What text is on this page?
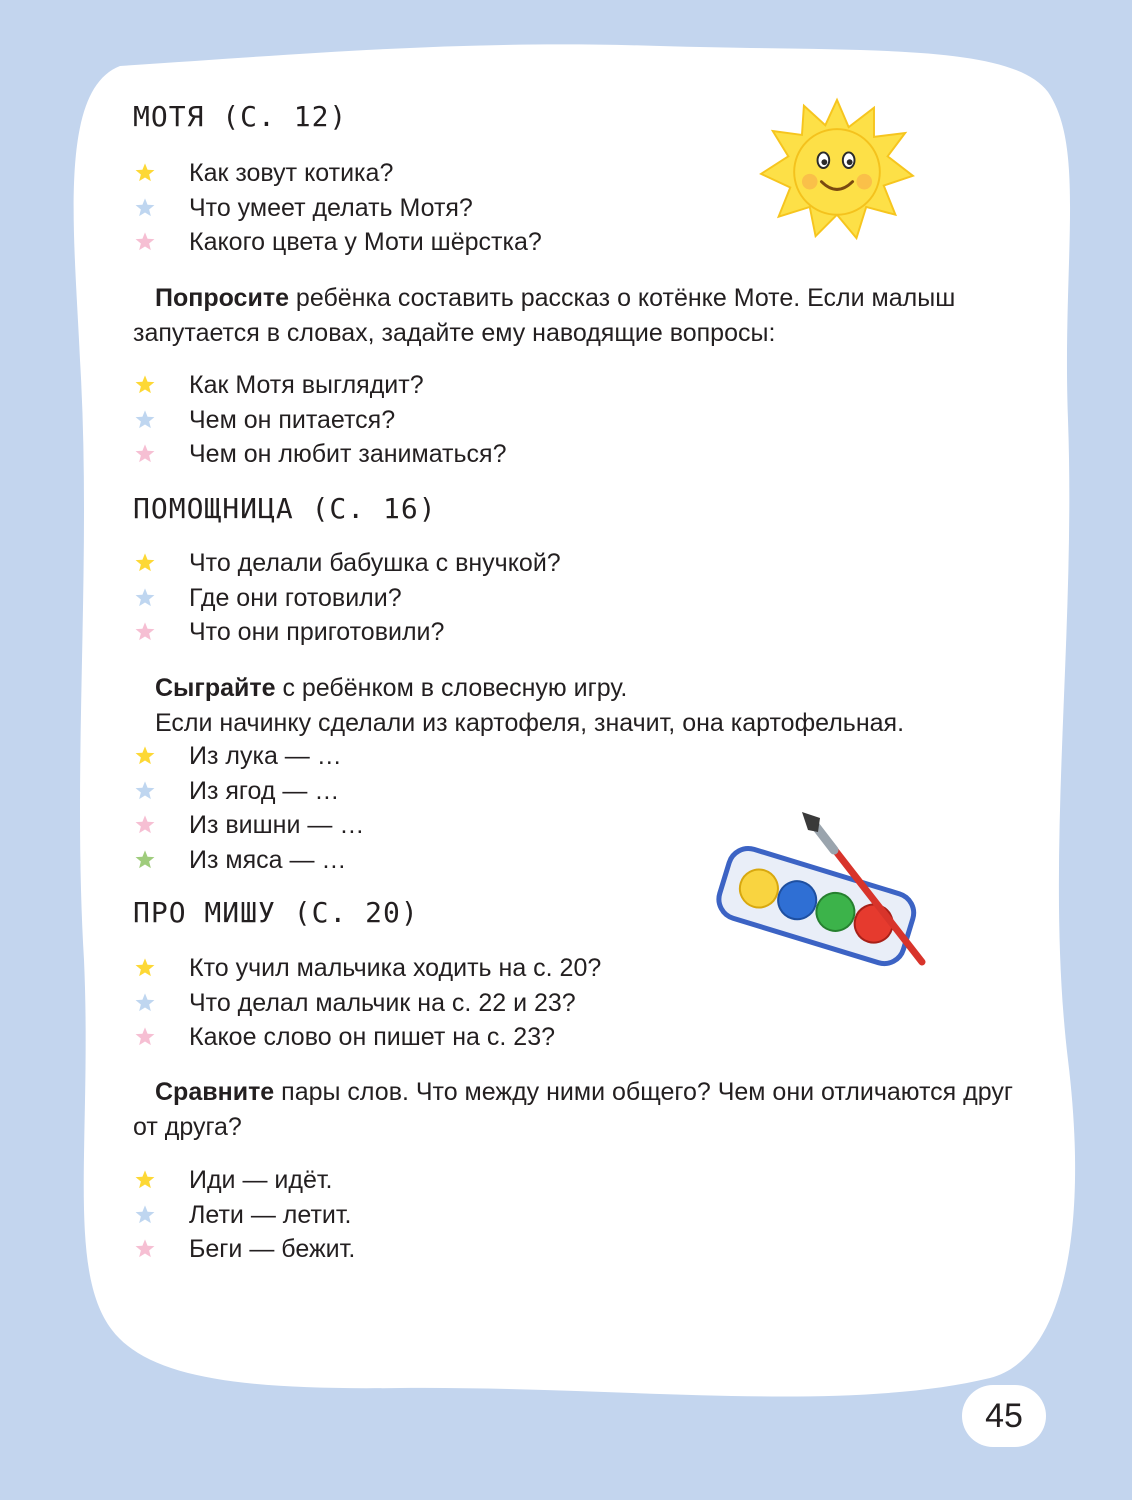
МОТЯ (С. 12)
Как зовут котика?
Что умеет делать Мотя?
Какого цвета у Моти шёрстка?

Попросите ребёнка составить рассказ о котёнке Моте. Если малыш запутается в словах, задайте ему наводящие вопросы:

Как Мотя выглядит?
Чем он питается?
Чем он любит заниматься?
ПОМОЩНИЦА (С. 16)
Что делали бабушка с внучкой?
Где они готовили?
Что они приготовили?

Сыграйте с ребёнком в словесную игру.
Если начинку сделали из картофеля, значит, она картофельная.

Из лука — …
Из ягод — …
Из вишни — …
Из мяса — …
ПРО МИШУ (С. 20)
Кто учил мальчика ходить на с. 20?
Что делал мальчик на с. 22 и 23?
Какое слово он пишет на с. 23?

Сравните пары слов. Что между ними общего? Чем они отличаются друг от друга?

Иди — идёт.
Лети — летит.
Беги — бежит.
45
